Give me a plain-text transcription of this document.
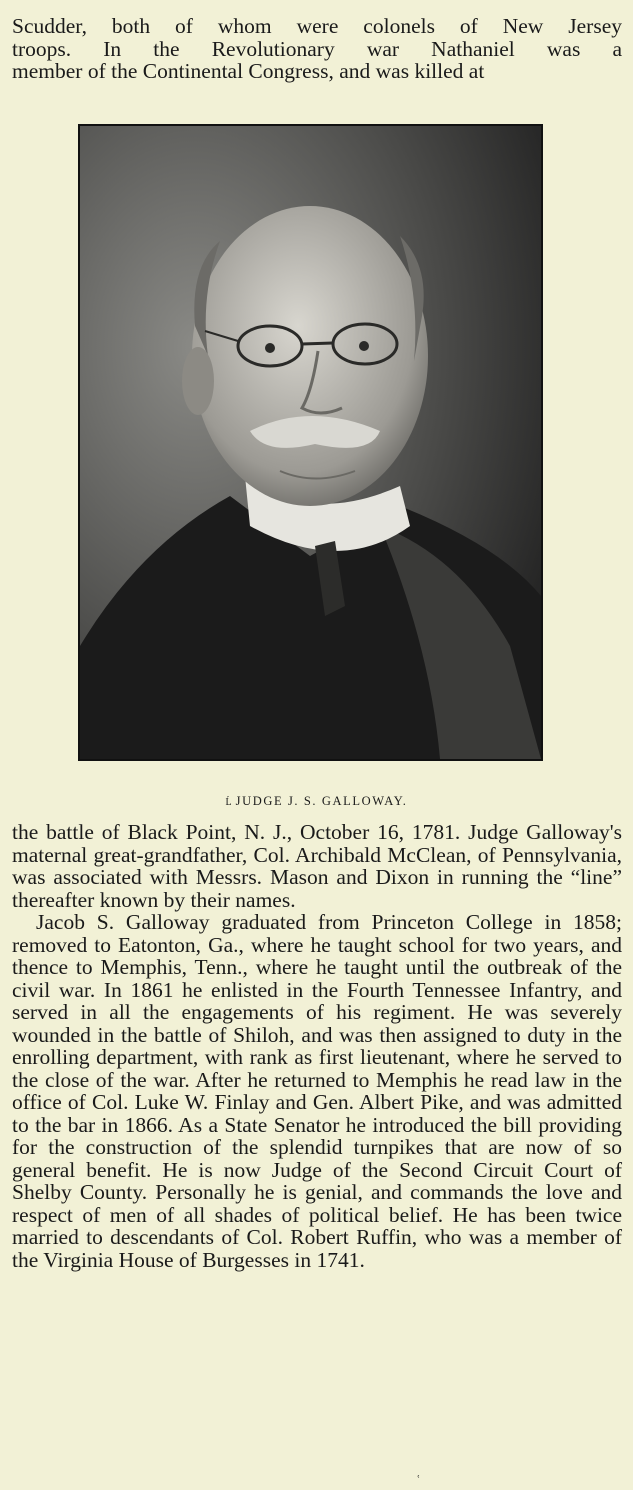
Scudder, both of whom were colonels of New Jersey
troops. In the Revolutionary war Nathaniel was a
member of the Continental Congress, and was killed at
Ĺ JUDGE J. S. GALLOWAY.

the battle of Black Point, N. J., October 16, 1781. Judge Galloway's maternal great-grandfather, Col. Archibald McClean, of Pennsylvania, was associated with Messrs. Mason and Dixon in running the “line” thereafter known by their names.

Jacob S. Galloway graduated from Princeton College in 1858; removed to Eatonton, Ga., where he taught school for two years, and thence to Memphis, Tenn., where he taught until the outbreak of the civil war. In 1861 he enlisted in the Fourth Tennessee Infantry, and served in all the engagements of his regiment. He was severely wounded in the battle of Shiloh, and was then assigned to duty in the enrolling department, with rank as first lieutenant, where he served to the close of the war. After he returned to Memphis he read law in the office of Col. Luke W. Finlay and Gen. Albert Pike, and was admitted to the bar in 1866. As a State Senator he introduced the bill providing for the construction of the splendid turnpikes that are now of so general benefit. He is now Judge of the Second Circuit Court of Shelby County. Personally he is genial, and commands the love and respect of men of all shades of political belief. He has been twice married to descendants of Col. Robert Ruffin, who was a member of the Virginia House of Burgesses in 1741.

ʿ
